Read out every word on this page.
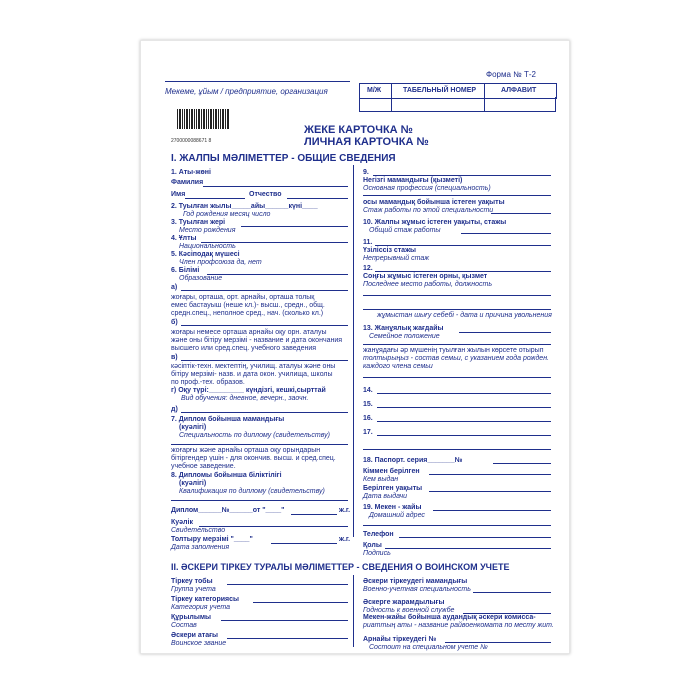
Мекеме, ұйым / предприятие, организация
Форма № Т-2
М/Ж	ТАБЕЛЬНЫЙ НОМЕР	АЛФАВИТ
2700000088671 8
ЖЕКЕ КАРТОЧКА №
ЛИЧНАЯ КАРТОЧКА №
I. ЖАЛПЫ МӘЛІМЕТТЕР - ОБЩИЕ СВЕДЕНИЯ
1. Аты-жөні
Фамилия
Имя	Отчество
2. Туылған жылы_____айы______күні____
Год рождения месяц число
3. Туылған жері
Место рождения
4. Ұлты
Национальность
5. Кәсіподақ мүшесі
Член профсоюза да, нет
6. Білімі
Образование
а)
жоғары, орташа, орт. арнайы, орташа толық
емес бастауыш (неше кл.)- высш., средн., общ.
средн.спец., неполное сред., нач. (сколько кл.)
б)
жоғары немесе орташа арнайы оқу орн. аталуы
және оны бітіру мерзімі - название и дата окончания
высшего или сред.спец. учебного заведения
в)
кәсіптік-техн. мектептің, училищ. аталуы және оны
бітіру мерзімі- назв. и дата окон. училища, школы
по проф.-тех. образов.
г) Оқу түрі:_________ күндізгі, кешкі,сырттай
Вид обучения: дневное, вечерн., заочн.
д)
7. Диплом бойынша мамандығы
(куәлігі)
Специальность по диплому (свидетельству)
жоғарғы және арнайы орташа оқу орындарын
бітіргендер үшін - для окончив. высш. и сред.спец.
учебное заведение.
8. Дипломы бойынша біліктілігі
(куәлігі)
Квалификация по диплому (свидетельству)
Диплом______№______от "____"	ж.г.
Куәлік
Свидетельство
Толтыру мерзімі "____"	ж.г.
Дата заполнения
9.
Негізгі мамандығы (қызметі)
Основная профессия (специальность)
осы мамандық бойынша істеген уақыты
Стаж работы по этой специальности
10. Жалпы жұмыс істеген уақыты, стажы
Общий стаж работы
11.
Үзіліссіз стажы
Непрерывный стаж
12.
Соңғы жұмыс істеген орны, қызмет
Последнее место работы, должность
жұмыстан шығу себебі - дата и причина увольнения
13. Жанұялық жағдайы
Семейное положение
жанұядағы әр мүшенің туылған жылын көрсете отырып
толтырыңыз - состав семьи, с указанием года рожден.
каждого члена семьи
14.
15.
16.
17.
18. Паспорт. серия_______№
Кіммен берілген
Кем выдан
Берілген уақыты
Дата выдачи
19. Мекен - жайы
Домашний адрес
Телефон
Қолы
Подпись
II. ӘСКЕРИ ТІРКЕУ ТУРАЛЫ МӘЛІМЕТТЕР - СВЕДЕНИЯ О ВОИНСКОМ УЧЕТЕ
Тіркеу тобы
Группа учета
Тіркеу категориясы
Категория учета
Құрылымы
Состав
Әскери атағы
Воинское звание
Әскери тіркеудегі мамандығы
Военно-учетная специальность
Әскерге жарамдылығы
Годность к военной службе
Мекен-жайы бойынша аудандық әскери комисса-
риаттың аты - название райвоенкомата по месту жит.
Арнайы тіркеудегі №
Состоит на специальном учете №
